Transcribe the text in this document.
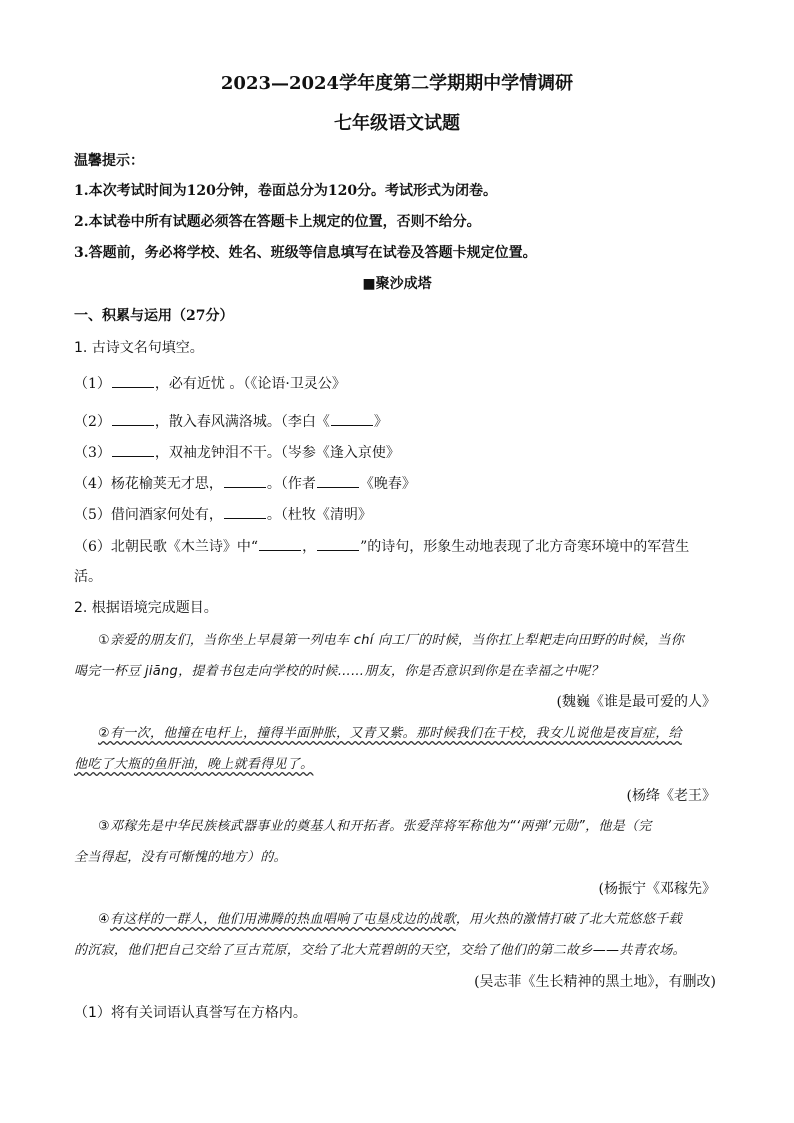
2023—2024学年度第二学期期中学情调研
七年级语文试题
温馨提示：
1.本次考试时间为120分钟，卷面总分为120分。考试形式为闭卷。
2.本试卷中所有试题必须答在答题卡上规定的位置，否则不给分。
3.答题前，务必将学校、姓名、班级等信息填写在试卷及答题卡规定位置。
■聚沙成塔
一、积累与运用（27分）
1. 古诗文名句填空。
（1）	，必有近忧 。（《论语·卫灵公》
（2）	，散入春风满洛城。（李白《	》
（3）	，双袖龙钟泪不干。（岑参《逢入京使》
（4）杨花榆荚无才思，	。（作者	《晚春》
（5）借问酒家何处有，	。（杜牧《清明》
（6）北朝民歌《木兰诗》中“	，	”的诗句，形象生动地表现了北方奇寒环境中的军营生
活。
2. 根据语境完成题目。
①亲爱的朋友们，当你坐上早晨第一列电车 chí 向工厂的时候，当你扛上犁耙走向田野的时候，当你
喝完一杯豆 jiāng，提着书包走向学校的时候……朋友，你是否意识到你是在幸福之中呢？
(魏巍《谁是最可爱的人》
②有一次，他撞在电杆上，撞得半面肿胀，又青又紫。那时候我们在干校，我女儿说他是夜盲症，给
他吃了大瓶的鱼肝油，晚上就看得见了。
(杨绛《老王》
③邓稼先是中华民族核武器事业的奠基人和开拓者。张爱萍将军称他为“‘两弹’元勋”，他是（完
全当得起，没有可惭愧的地方）的。
(杨振宁《邓稼先》
④有这样的一群人，他们用沸腾的热血唱响了屯垦戍边的战歌，用火热的激情打破了北大荒悠悠千载
的沉寂，他们把自己交给了亘古荒原，交给了北大荒碧朗的天空，交给了他们的第二故乡——共青农场。
(吴志菲《生长精神的黑土地》，有删改)
（1）将有关词语认真誉写在方格内。
